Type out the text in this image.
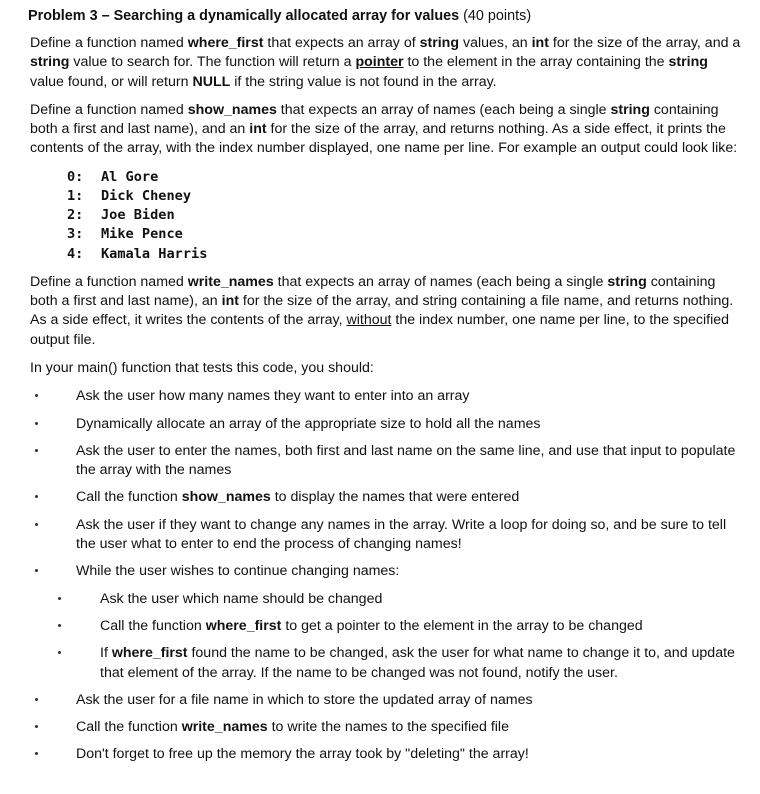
Problem 3 – Searching a dynamically allocated array for values (40 points)

Define a function named where_first that expects an array of string values, an int for the size of the array, and a string value to search for. The function will return a pointer to the element in the array containing the string value found, or will return NULL if the string value is not found in the array.

Define a function named show_names that expects an array of names (each being a single string containing both a first and last name), and an int for the size of the array, and returns nothing. As a side effect, it prints the contents of the array, with the index number displayed, one name per line. For example an output could look like:

0: Al Gore
1: Dick Cheney
2: Joe Biden
3: Mike Pence
4: Kamala Harris

Define a function named write_names that expects an array of names (each being a single string containing both a first and last name), an int for the size of the array, and string containing a file name, and returns nothing. As a side effect, it writes the contents of the array, without the index number, one name per line, to the specified output file.

In your main() function that tests this code, you should:

Ask the user how many names they want to enter into an array
Dynamically allocate an array of the appropriate size to hold all the names
Ask the user to enter the names, both first and last name on the same line, and use that input to populate the array with the names
Call the function show_names to display the names that were entered
Ask the user if they want to change any names in the array. Write a loop for doing so, and be sure to tell the user what to enter to end the process of changing names!
While the user wishes to continue changing names:
Ask the user which name should be changed
Call the function where_first to get a pointer to the element in the array to be changed
If where_first found the name to be changed, ask the user for what name to change it to, and update that element of the array. If the name to be changed was not found, notify the user.
Ask the user for a file name in which to store the updated array of names
Call the function write_names to write the names to the specified file
Don't forget to free up the memory the array took by "deleting" the array!
